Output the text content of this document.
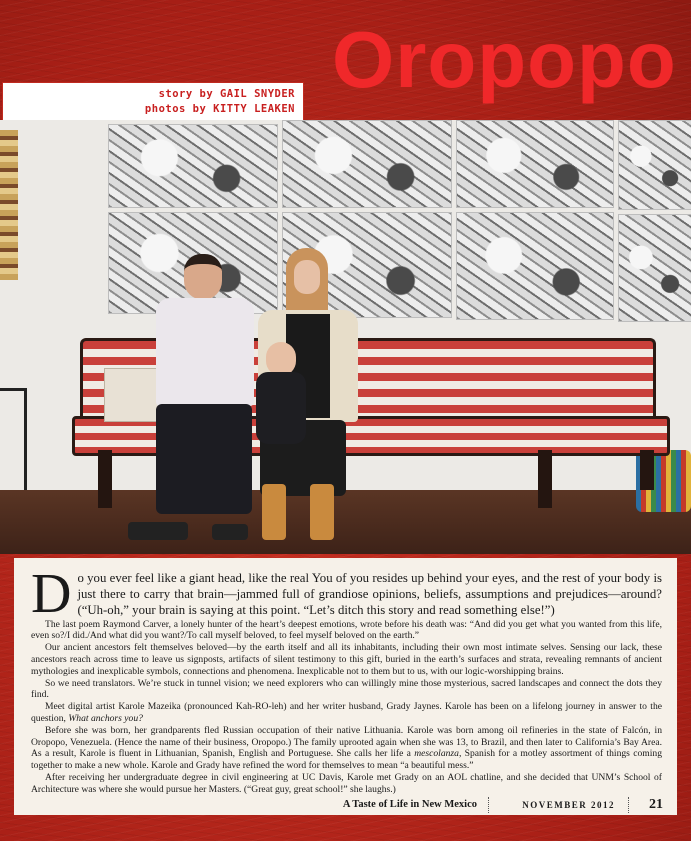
Oropopo
story by GAIL SNYDER
photos by KITTY LEAKEN
D o you ever feel like a giant head, like the real You of you resides up behind your eyes, and the rest of your body is just there to carry that brain—jammed full of grandiose opinions, beliefs, assumptions and prejudices—around? (“Uh-oh,” your brain is saying at this point. “Let’s ditch this story and read something else!”)

The last poem Raymond Carver, a lonely hunter of the heart’s deepest emotions, wrote before his death was: “And did you get what you wanted from this life, even so?/I did./And what did you want?/To call myself beloved, to feel myself beloved on the earth.”

Our ancient ancestors felt themselves beloved—by the earth itself and all its inhabitants, including their own most intimate selves. Sensing our lack, these ancestors reach across time to leave us signposts, artifacts of silent testimony to this gift, buried in the earth’s surfaces and strata, revealing remnants of ancient mythologies and inexplicable symbols, connections and phenomena. Inexplicable not to them but to us, with our logic-worshipping brains.

So we need translators. We’re stuck in tunnel vision; we need explorers who can willingly mine those mysterious, sacred landscapes and connect the dots they find.

Meet digital artist Karole Mazeika (pronounced Kah-RO-leh) and her writer husband, Grady Jaynes. Karole has been on a lifelong journey in answer to the question, What anchors you?

Before she was born, her grandparents fled Russian occupation of their native Lithuania. Karole was born among oil refineries in the state of Falcón, in Oropopo, Venezuela. (Hence the name of their business, Oropopo.) The family uprooted again when she was 13, to Brazil, and then later to California’s Bay Area. As a result, Karole is fluent in Lithuanian, Spanish, English and Portuguese. She calls her life a mescolanza, Spanish for a motley assortment of things coming together to make a new whole. Karole and Grady have refined the word for themselves to mean “a beautiful mess.”

After receiving her undergraduate degree in civil engineering at UC Davis, Karole met Grady on an AOL chatline, and she decided that UNM’s School of Architecture was where she would pursue her Masters. (“Great guy, great school!” she laughs.)

A Taste of Life in New Mexico	NOVEMBER 2012 21
